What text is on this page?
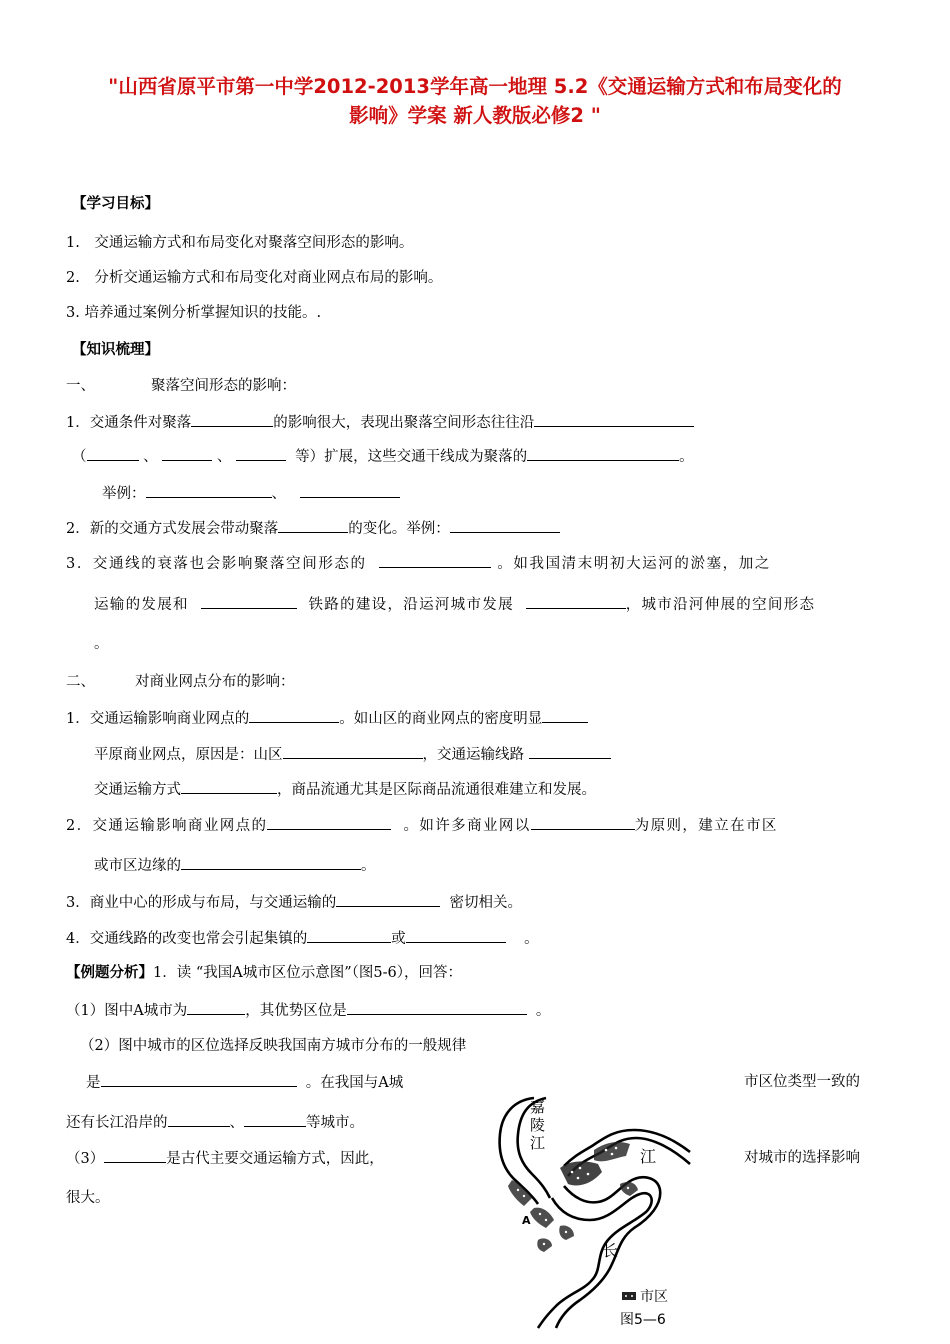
"山西省原平市第一中学2012-2013学年高一地理 5.2《交通运输方式和布局变化的
影响》学案 新人教版必修2 "
【学习目标】
1.　交通运输方式和布局变化对聚落空间形态的影响。
2.　分析交通运输方式和布局变化对商业网点布局的影响。
3. 培养通过案例分析掌握知识的技能。.
【知识梳理】
一、	聚落空间形态的影响：
1．交通条件对聚落	的影响很大，表现出聚落空间形态往往沿
（	、	、	等）扩展，这些交通干线成为聚落的	。
举例：	、
2．新的交通方式发展会带动聚落	的变化。举例：
3．交通线的衰落也会影响聚落空间形态的	。如我国清末明初大运河的淤塞，加之
运输的发展和	铁路的建设，沿运河城市发展	，城市沿河伸展的空间形态
。
二、	对商业网点分布的影响：
1．交通运输影响商业网点的	。如山区的商业网点的密度明显
平原商业网点，原因是：山区	，交通运输线路
交通运输方式	，商品流通尤其是区际商品流通很难建立和发展。
2．交通运输影响商业网点的	。如许多商业网以	为原则，建立在市区
或市区边缘的	。
3．商业中心的形成与布局，与交通运输的	密切相关。
4．交通线路的改变也常会引起集镇的	或	。
【例题分析】1．读 “我国A城市区位示意图”（图5-6），回答：
（1）图中A城市为	，其优势区位是	。
（2）图中城市的区位选择反映我国南方城市分布的一般规律
是	。在我国与A城	市区位类型一致的
还有长江沿岸的	、	等城市。
（3）	是古代主要交通运输方式，因此，	对城市的选择影响
很大。
嘉
陵
江
江
长
A
市区
图5—6
